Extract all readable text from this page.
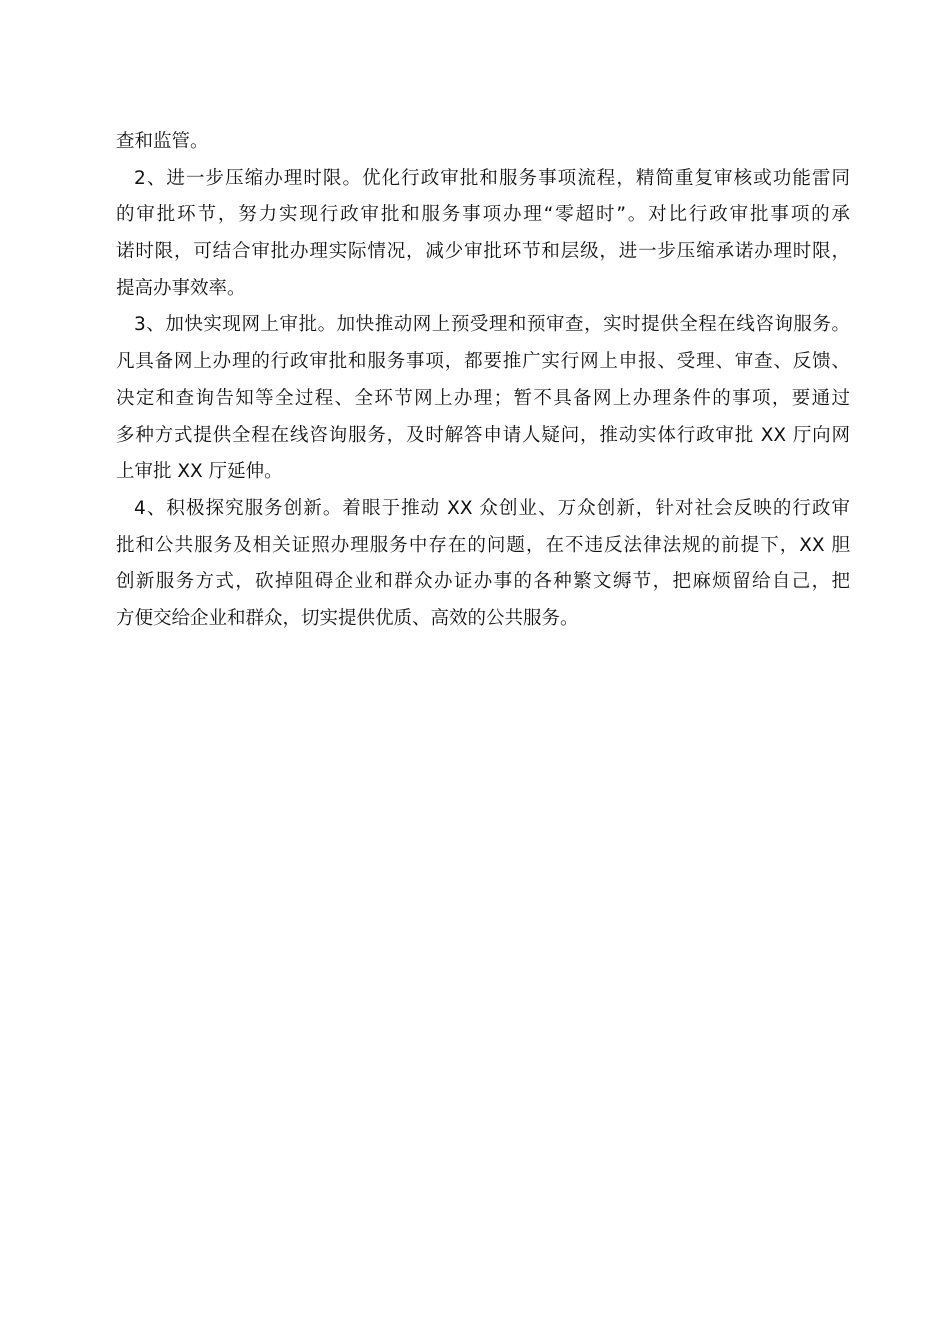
查和监管。
2、进一步压缩办理时限。优化行政审批和服务事项流程，精简重复审核或功能雷同
的审批环节，努力实现行政审批和服务事项办理“零超时”。对比行政审批事项的承
诺时限，可结合审批办理实际情况，减少审批环节和层级，进一步压缩承诺办理时限，
提高办事效率。
3、加快实现网上审批。加快推动网上预受理和预审查，实时提供全程在线咨询服务。
凡具备网上办理的行政审批和服务事项，都要推广实行网上申报、受理、审查、反馈、
决定和查询告知等全过程、全环节网上办理；暂不具备网上办理条件的事项，要通过
多种方式提供全程在线咨询服务，及时解答申请人疑问，推动实体行政审批 XX 厅向网
上审批 XX 厅延伸。
4、积极探究服务创新。着眼于推动 XX 众创业、万众创新，针对社会反映的行政审
批和公共服务及相关证照办理服务中存在的问题，在不违反法律法规的前提下，XX 胆
创新服务方式，砍掉阻碍企业和群众办证办事的各种繁文缛节，把麻烦留给自己，把
方便交给企业和群众，切实提供优质、高效的公共服务。
